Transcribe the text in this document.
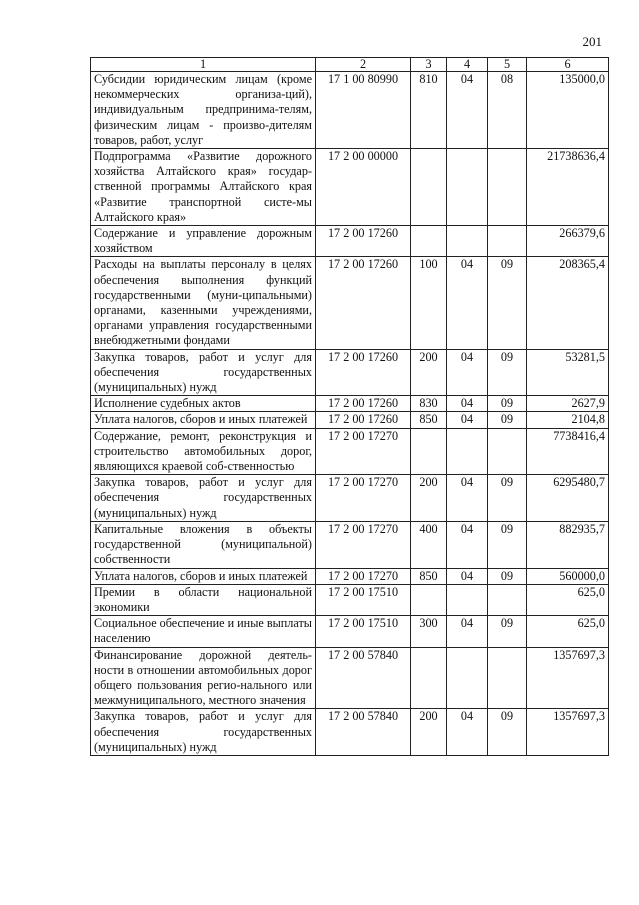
201
1	2	3	4	5	6
Субсидии юридическим лицам (кроме некоммерческих организа-ций), индивидуальным предпринима-телям, физическим лицам - произво-дителям товаров, работ, услуг	17 1 00 80990	810	04	08	135000,0
Подпрограмма «Развитие дорожного хозяйства Алтайского края» государ-ственной программы Алтайского края «Развитие транспортной систе-мы Алтайского края»	17 2 00 00000				21738636,4
Содержание и управление дорожным хозяйством	17 2 00 17260				266379,6
Расходы на выплаты персоналу в целях обеспечения выполнения функций государственными (муни-ципальными) органами, казенными учреждениями, органами управления государственными внебюджетными фондами	17 2 00 17260	100	04	09	208365,4
Закупка товаров, работ и услуг для обеспечения государственных (муниципальных) нужд	17 2 00 17260	200	04	09	53281,5
Исполнение судебных актов	17 2 00 17260	830	04	09	2627,9
Уплата налогов, сборов и иных платежей	17 2 00 17260	850	04	09	2104,8
Содержание, ремонт, реконструкция и строительство автомобильных дорог, являющихся краевой соб-ственностью	17 2 00 17270				7738416,4
Закупка товаров, работ и услуг для обеспечения государственных (муниципальных) нужд	17 2 00 17270	200	04	09	6295480,7
Капитальные вложения в объекты государственной (муниципальной) собственности	17 2 00 17270	400	04	09	882935,7
Уплата налогов, сборов и иных платежей	17 2 00 17270	850	04	09	560000,0
Премии в области национальной экономики	17 2 00 17510				625,0
Социальное обеспечение и иные выплаты населению	17 2 00 17510	300	04	09	625,0
Финансирование дорожной деятель-ности в отношении автомобильных дорог общего пользования регио-нального или межмуниципального, местного значения	17 2 00 57840				1357697,3
Закупка товаров, работ и услуг для обеспечения государственных (муниципальных) нужд	17 2 00 57840	200	04	09	1357697,3
